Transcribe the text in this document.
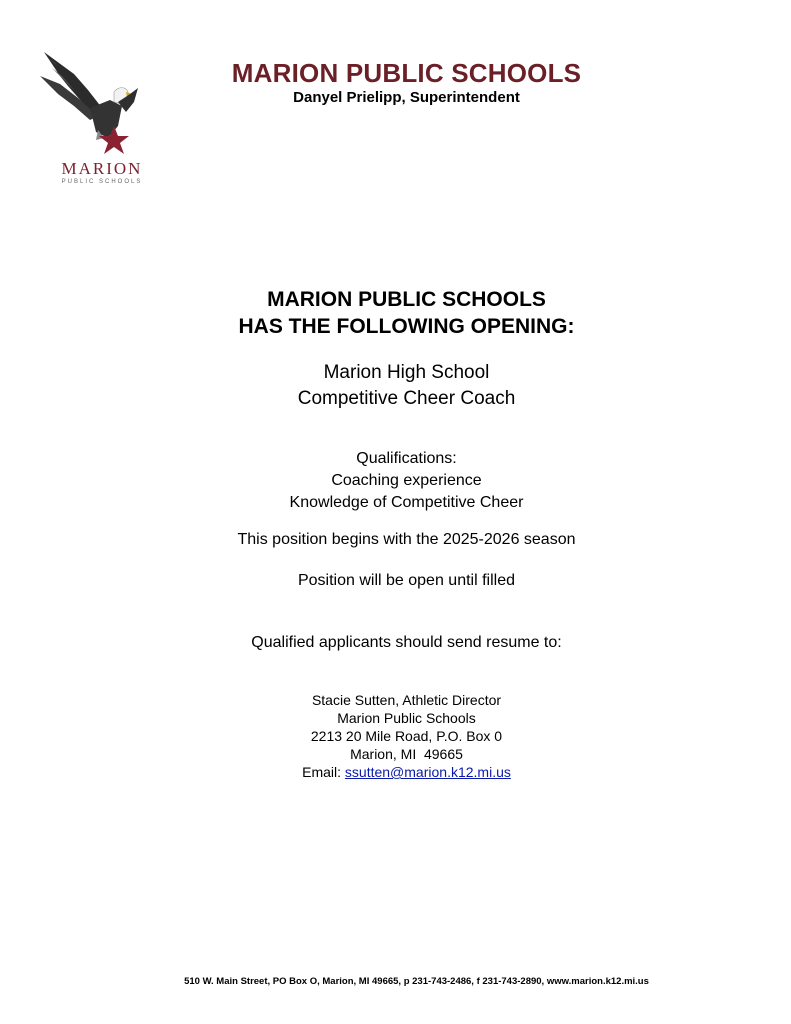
MARION
PUBLIC SCHOOLS
MARION PUBLIC SCHOOLS
Danyel Prielipp, Superintendent
MARION PUBLIC SCHOOLS
HAS THE FOLLOWING OPENING:
Marion High School
Competitive Cheer Coach
Qualifications:
Coaching experience
Knowledge of Competitive Cheer
This position begins with the 2025-2026 season
Position will be open until filled
Qualified applicants should send resume to:
Stacie Sutten, Athletic Director
Marion Public Schools
2213 20 Mile Road, P.O. Box 0
Marion, MI  49665
Email: ssutten@marion.k12.mi.us
510 W. Main Street, PO Box O, Marion, MI 49665, p 231-743-2486, f 231-743-2890, www.marion.k12.mi.us
